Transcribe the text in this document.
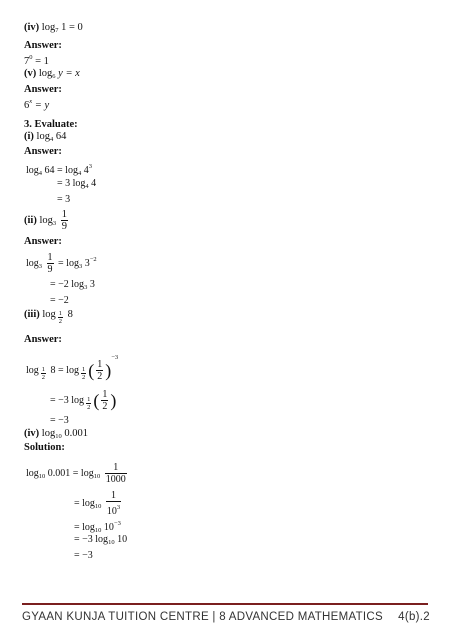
(iv) $\log_7 1 = 0$
Answer:
$7^0 = 1$
(v) $\log_6 y = x$
Answer:
$6^x = y$
3. Evaluate:
(i) $\log_4 64$
Answer:
$\log_4 64 = \log_4 4^3$
= 3 $\log_4 4$
= 3
(ii) $\log_3 \frac{1}{9}$
Answer:
$\log_3 \frac{1}{9} = \log_3 3^{-2}$
= −2 $\log_3 3$
= −2
(iii) $\log \frac{1}{2} 8$
Answer:
$\log \frac{1}{2} 8 = \log \frac{1}{2}$ ( $\frac{1}{2} )^{-3}$
= −3 $\log \frac{1}{2}$ ( $\frac{1}{2}$ )
= −3
(iv) $\log_{10} 0.001$
Solution:
$\log_{10} 0.001 = \log_{10} \frac{1}{1000}$
= $\log_{10} \frac{1}{10^3}$
= $\log_{10} 10^{-3}$
= −3 $\log_{10} 10$
= −3
GYAAN KUNJA TUITION CENTRE | 8 ADVANCED MATHEMATICS 4(b).2
